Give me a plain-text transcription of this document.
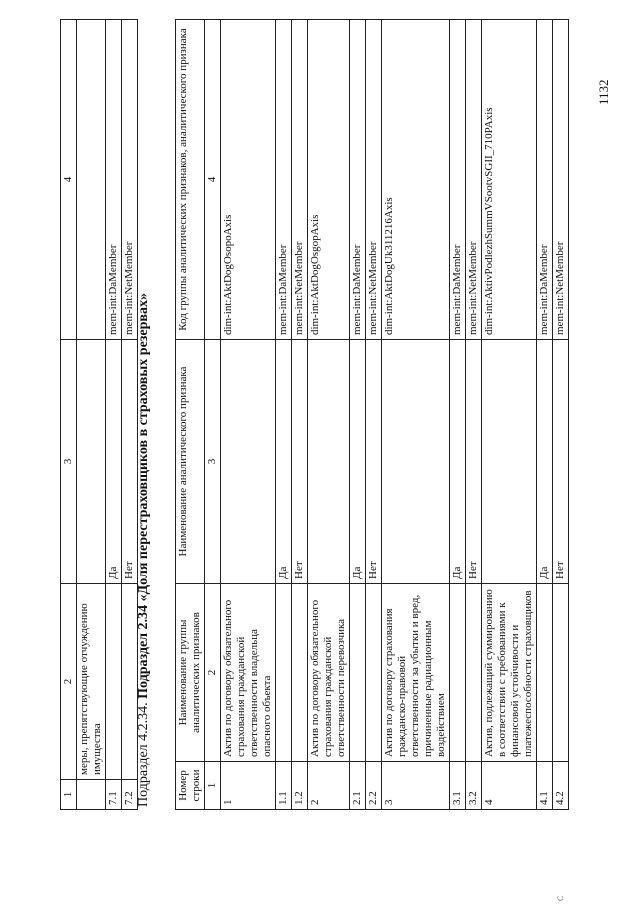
1	2	3	4
	меры, препятствующие отчуждению имущества		
7.1		Да	mem-int:DaMember
7.2		Нет	mem-int:NetMember
Подраздел 4.2.34. Подраздел 2.34 «Доля перестраховщиков в страховых резервах»
Номер строки	Наименование группы аналитических признаков	Наименование аналитического признака	Код группы аналитических признаков, аналитического признака
1	2	3	4
1	Актив по договору обязательного страхования гражданской ответственности владельца опасного объекта		dim-int:AktDogOsopoAxis
1.1		Да	mem-int:DaMember
1.2		Нет	mem-int:NetMember
2	Актив по договору обязательного страхования гражданской ответственности перевозчика		dim-int:AktDogOsgopAxis
2.1		Да	mem-int:DaMember
2.2		Нет	mem-int:NetMember
3	Актив по договору страхования гражданско-правовой ответственности за убытки и вред, причиненные радиационным воздействием		dim-int:AktDogUk311216Axis
3.1		Да	mem-int:DaMember
3.2		Нет	mem-int:NetMember
4	Актив, подлежащий суммированию в соответствии с требованиями к финансовой устойчивости и платежеспособности страховщиков		dim-int:AktivPodlezhSummVSootvSGII_710PAxis
4.1		Да	mem-int:DaMember
4.2		Нет	mem-int:NetMember
1132
C
